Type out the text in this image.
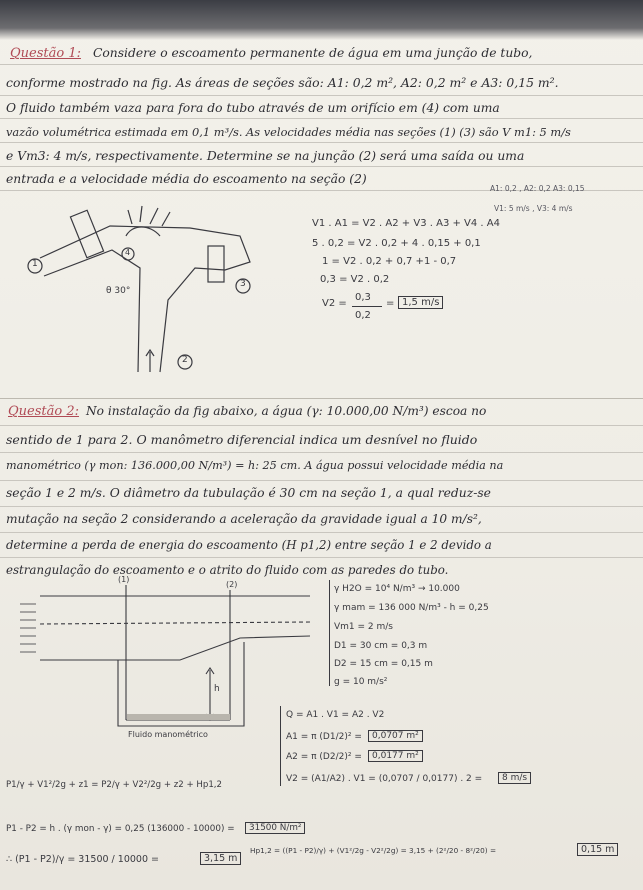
Questão 1: Considere o escoamento permanente de água em uma junção de tubo,
conforme mostrado na fig. As áreas de seções são: A1: 0,2 m², A2: 0,2 m² e A3: 0,15 m².
O fluido também vaza para fora do tubo através de um orifício em (4) com uma
vazão volumétrica estimada em 0,1 m³/s. As velocidades média nas seções (1) (3) são V m1: 5 m/s
e Vm3: 4 m/s, respectivamente. Determine se na junção (2) será uma saída ou uma
entrada e a velocidade média do escoamento na seção (2)
A1: 0,2 , A2: 0,2 A3: 0,15
V1: 5 m/s , V3: 4 m/s
1
4
3
2
θ 30°
V1 . A1 = V2 . A2 + V3 . A3 + V4 . A4
5 . 0,2 = V2 . 0,2 + 4 . 0,15 + 0,1
1 = V2 . 0,2 + 0,7 +1 - 0,7
0,3 = V2 . 0,2
V2 =
0,3
0,2
= 1,5 m/s
Questão 2: No instalação da fig abaixo, a água (γ: 10.000,00 N/m³) escoa no
sentido de 1 para 2. O manômetro diferencial indica um desnível no fluido
manométrico (γ mon: 136.000,00 N/m³) = h: 25 cm. A água possui velocidade média na
seção 1 e 2 m/s. O diâmetro da tubulação é 30 cm na seção 1, a qual reduz-se
mutação na seção 2 considerando a aceleração da gravidade igual a 10 m/s²,
determine a perda de energia do escoamento (H p1,2) entre seção 1 e 2 devido a
estrangulação do escoamento e o atrito do fluido com as paredes do tubo.
(1)
(2)
h
Fluido manométrico
γ H2O = 10⁴ N/m³ → 10.000
γ mam = 136 000 N/m³ - h = 0,25
Vm1 = 2 m/s
D1 = 30 cm = 0,3 m
D2 = 15 cm = 0,15 m
g = 10 m/s²
Q = A1 . V1 = A2 . V2
A1 = π (D1/2)² =	0,0707 m²
A2 = π (D2/2)² =	0,0177 m²
V2 = (A1/A2) . V1 = (0,0707 / 0,0177) . 2 =	8 m/s
P1/γ + V1²/2g + z1 = P2/γ + V2²/2g + z2 + Hp1,2
P1 - P2 = h . (γ mon - γ) = 0,25 (136000 - 10000) =	31500 N/m²
∴ (P1 - P2)/γ = 31500 / 10000 =	3,15 m
Hp1,2 = ((P1 - P2)/γ) + (V1²/2g - V2²/2g) = 3,15 + (2²/20 - 8²/20) =	0,15 m
